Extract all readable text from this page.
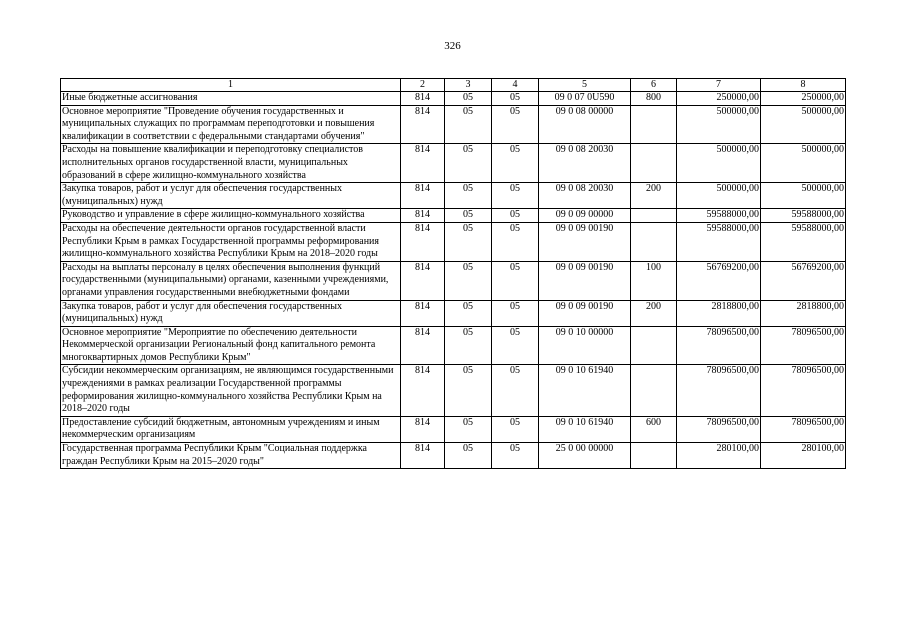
326
1	2	3	4	5	6	7	8
Иные бюджетные ассигнования	814	05	05	09 0 07 0U590	800	250000,00	250000,00
Основное мероприятие "Проведение обучения государственных и муниципальных служащих по программам переподготовки и повышения квалификации в соответствии с федеральными стандартами обучения"	814	05	05	09 0 08 00000		500000,00	500000,00
Расходы на повышение квалификации и переподготовку специалистов исполнительных органов государственной власти, муниципальных образований в сфере жилищно-коммунального хозяйства	814	05	05	09 0 08 20030		500000,00	500000,00
Закупка товаров, работ и услуг для обеспечения государственных (муниципальных) нужд	814	05	05	09 0 08 20030	200	500000,00	500000,00
Руководство и управление в сфере жилищно-коммунального хозяйства	814	05	05	09 0 09 00000		59588000,00	59588000,00
Расходы на обеспечение деятельности органов государственной власти Республики Крым в рамках Государственной программы реформирования жилищно-коммунального хозяйства Республики Крым на 2018–2020 годы	814	05	05	09 0 09 00190		59588000,00	59588000,00
Расходы на выплаты персоналу в целях обеспечения выполнения функций государственными (муниципальными) органами, казенными учреждениями, органами управления государственными внебюджетными фондами	814	05	05	09 0 09 00190	100	56769200,00	56769200,00
Закупка товаров, работ и услуг для обеспечения государственных (муниципальных) нужд	814	05	05	09 0 09 00190	200	2818800,00	2818800,00
Основное мероприятие "Мероприятие по обеспечению деятельности Некоммерческой организации Региональный фонд капитального ремонта многоквартирных домов Республики Крым"	814	05	05	09 0 10 00000		78096500,00	78096500,00
Субсидии некоммерческим организациям, не являющимся государственными учреждениями в рамках реализации Государственной программы реформирования жилищно-коммунального хозяйства Республики Крым на 2018–2020 годы	814	05	05	09 0 10 61940		78096500,00	78096500,00
Предоставление субсидий бюджетным, автономным учреждениям и иным некоммерческим организациям	814	05	05	09 0 10 61940	600	78096500,00	78096500,00
Государственная программа Республики Крым "Социальная поддержка граждан Республики Крым на 2015–2020 годы"	814	05	05	25 0 00 00000		280100,00	280100,00
